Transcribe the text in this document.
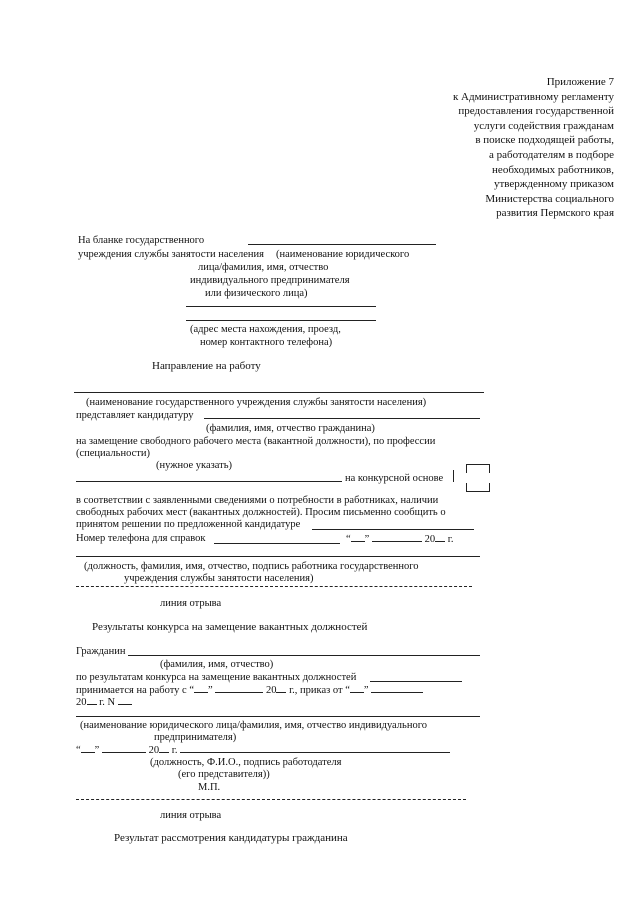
Приложение 7
к Административному регламенту
предоставления государственной
услуги содействия гражданам
в поиске подходящей работы,
а работодателям в подборе
необходимых работников,
утвержденному приказом
Министерства социального
развития Пермского края
На бланке государственного
учреждения службы занятости населения (наименование юридического
лица/фамилия, имя, отчество
индивидуального предпринимателя
или физического лица)
(адрес места нахождения, проезд,
номер контактного телефона)
Направление на работу
(наименование государственного учреждения службы занятости населения)
представляет кандидатуру
(фамилия, имя, отчество гражданина)
на замещение свободного рабочего места (вакантной должности), по профессии
(специальности)
(нужное указать)
на конкурсной основе
в соответствии с заявленными сведениями о потребности в работниках, наличии
свободных рабочих мест (вакантных должностей). Просим письменно сообщить о
принятом решении по предложенной кандидатуре
Номер телефона для справок	“ ”	20 г.
(должность, фамилия, имя, отчество, подпись работника государственного
учреждения службы занятости населения)
линия отрыва
Результаты конкурса на замещение вакантных должностей
Гражданин
(фамилия, имя, отчество)
по результатам конкурса на замещение вакантных должностей
принимается на работу с “ ”	20 г., приказ от “ ”
20 г. N
(наименование юридического лица/фамилия, имя, отчество индивидуального
предпринимателя)
“ ”	20 г.
(должность, Ф.И.О., подпись работодателя
(его представителя))
М.П.
линия отрыва
Результат рассмотрения кандидатуры гражданина
